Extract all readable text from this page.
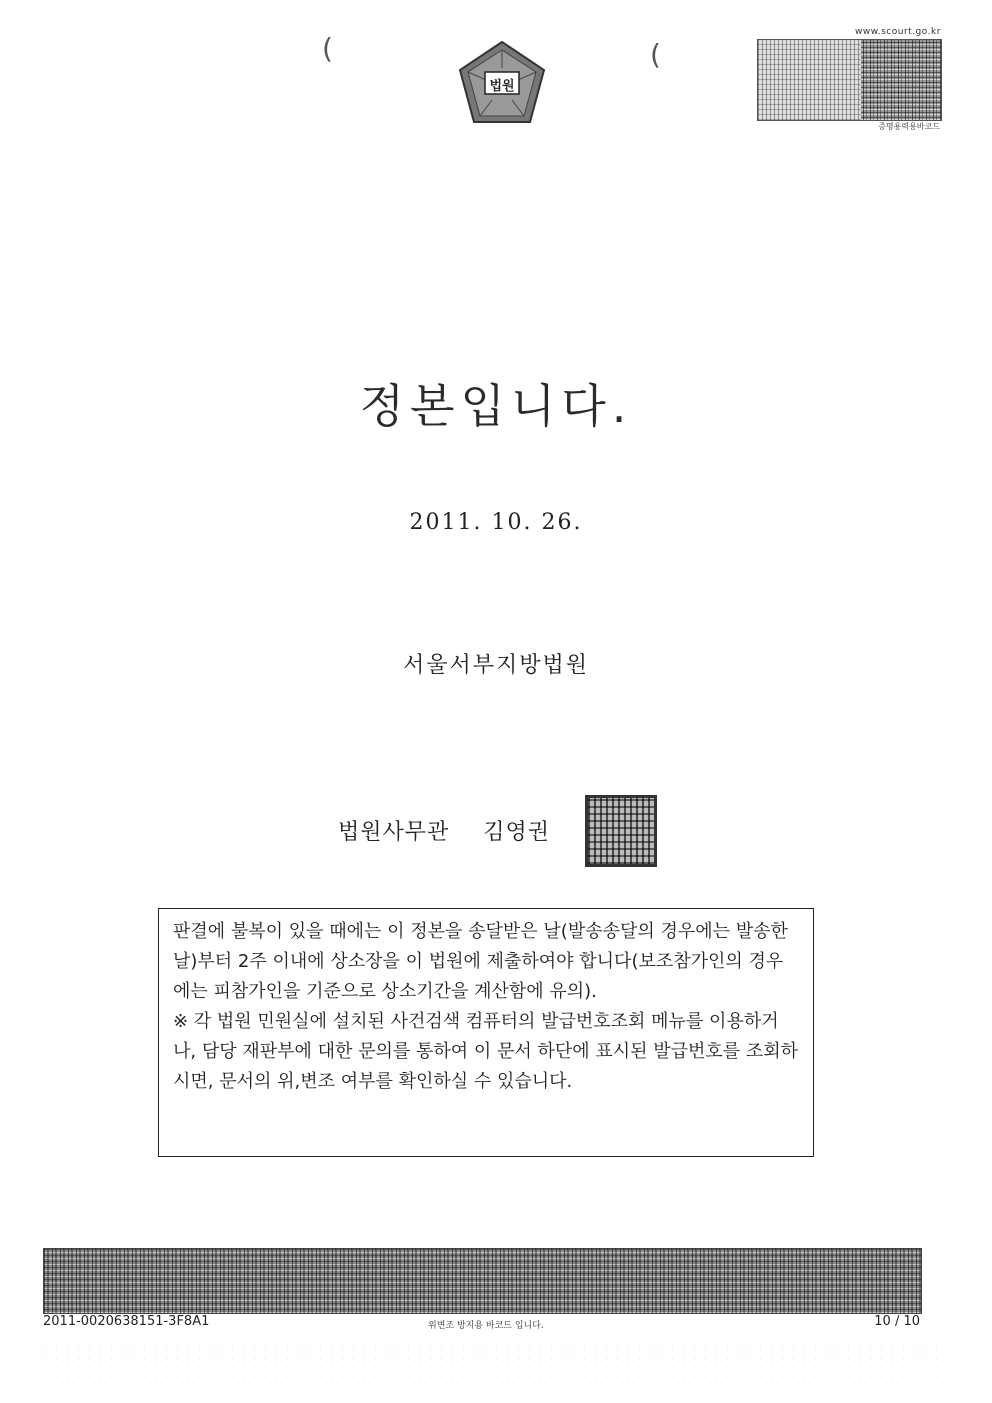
(	(
법원
www.scourt.go.kr
증명용력용바코드
정본입니다.
2011. 10. 26.
서울서부지방법원
법원사무관 김영권

판결에 불복이 있을 때에는 이 정본을 송달받은 날(발송송달의 경우에는 발송한 날)부터 2주 이내에 상소장을 이 법원에 제출하여야 합니다(보조참가인의 경우에는 피참가인을 기준으로 상소기간을 계산함에 유의).

※ 각 법원 민원실에 설치된 사건검색 컴퓨터의 발급번호조회 메뉴를 이용하거나, 담당 재판부에 대한 문의를 통하여 이 문서 하단에 표시된 발급번호를 조회하시면, 문서의 위,변조 여부를 확인하실 수 있습니다.

2011-0020638151-3F8A1	위변조 방지용 바코드 입니다.	10 / 10
